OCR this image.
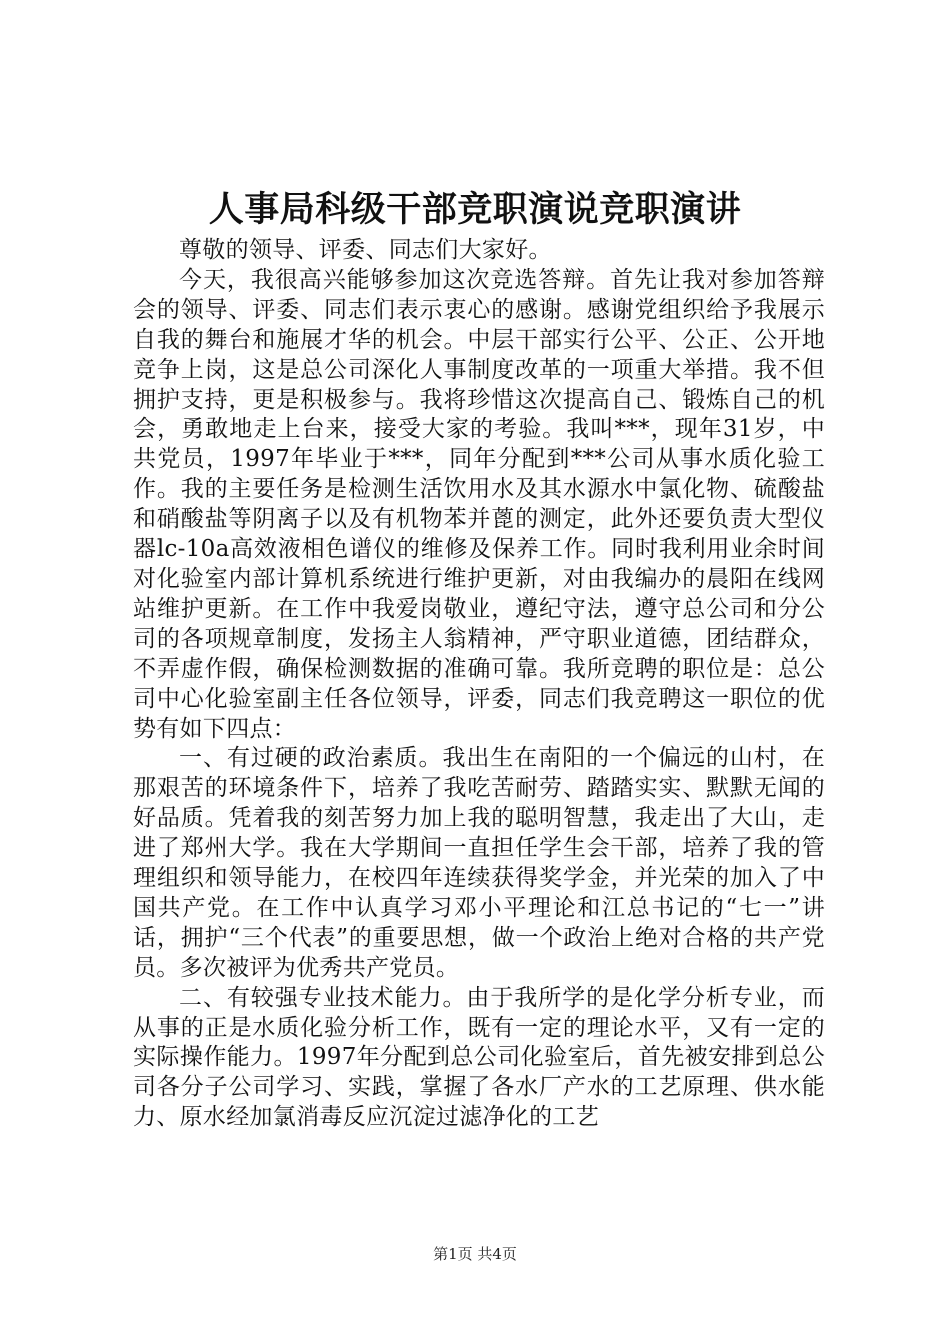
人事局科级干部竞职演说竞职演讲

尊敬的领导、评委、同志们大家好。

今天，我很高兴能够参加这次竞选答辩。首先让我对参加答辩会的领导、评委、同志们表示衷心的感谢。感谢党组织给予我展示自我的舞台和施展才华的机会。中层干部实行公平、公正、公开地竞争上岗，这是总公司深化人事制度改革的一项重大举措。我不但拥护支持，更是积极参与。我将珍惜这次提高自己、锻炼自己的机会，勇敢地走上台来，接受大家的考验。我叫***，现年31岁，中共党员，1997年毕业于***，同年分配到***公司从事水质化验工作。我的主要任务是检测生活饮用水及其水源水中氯化物、硫酸盐和硝酸盐等阴离子以及有机物苯并蓖的测定，此外还要负责大型仪器lc-10a高效液相色谱仪的维修及保养工作。同时我利用业余时间对化验室内部计算机系统进行维护更新，对由我编办的晨阳在线网站维护更新。在工作中我爱岗敬业，遵纪守法，遵守总公司和分公司的各项规章制度，发扬主人翁精神，严守职业道德，团结群众，不弄虚作假，确保检测数据的准确可靠。我所竞聘的职位是：总公司中心化验室副主任各位领导，评委，同志们我竞聘这一职位的优势有如下四点：

一、有过硬的政治素质。我出生在南阳的一个偏远的山村，在那艰苦的环境条件下，培养了我吃苦耐劳、踏踏实实、默默无闻的好品质。凭着我的刻苦努力加上我的聪明智慧，我走出了大山，走进了郑州大学。我在大学期间一直担任学生会干部，培养了我的管理组织和领导能力，在校四年连续获得奖学金，并光荣的加入了中国共产党。在工作中认真学习邓小平理论和江总书记的“七一”讲话，拥护“三个代表”的重要思想，做一个政治上绝对合格的共产党员。多次被评为优秀共产党员。

二、有较强专业技术能力。由于我所学的是化学分析专业，而从事的正是水质化验分析工作，既有一定的理论水平，又有一定的实际操作能力。1997年分配到总公司化验室后，首先被安排到总公司各分子公司学习、实践，掌握了各水厂产水的工艺原理、供水能力、原水经加氯消毒反应沉淀过滤净化的工艺

第1页 共4页
